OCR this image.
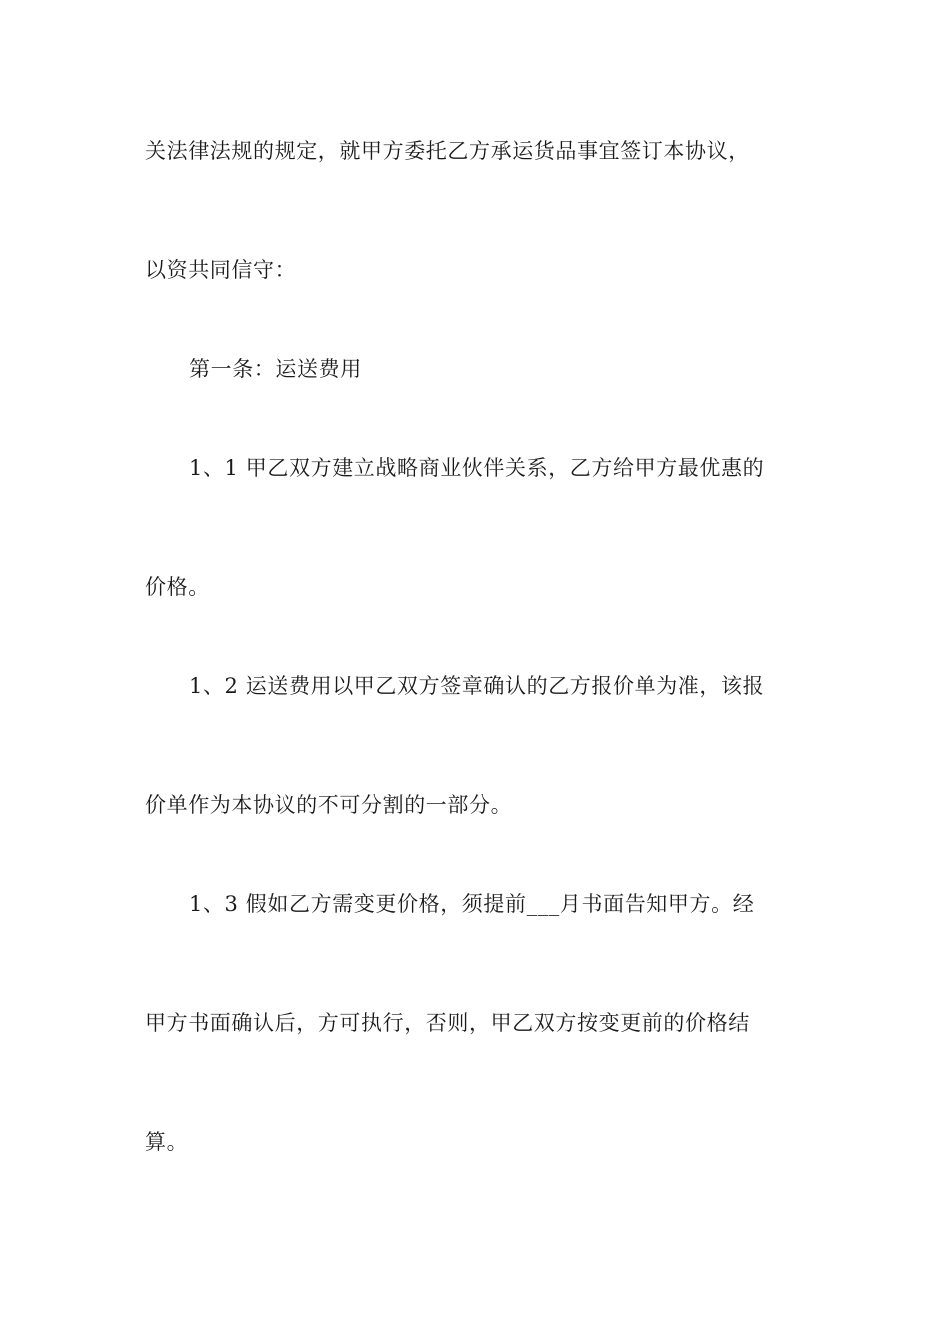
关法律法规的规定，就甲方委托乙方承运货品事宜签订本协议，
以资共同信守：
第一条：运送费用
1、1 甲乙双方建立战略商业伙伴关系，乙方给甲方最优惠的
价格。
1、2 运送费用以甲乙双方签章确认的乙方报价单为准，该报
价单作为本协议的不可分割的一部分。
1、3 假如乙方需变更价格，须提前___月书面告知甲方。经
甲方书面确认后，方可执行，否则，甲乙双方按变更前的价格结
算。
